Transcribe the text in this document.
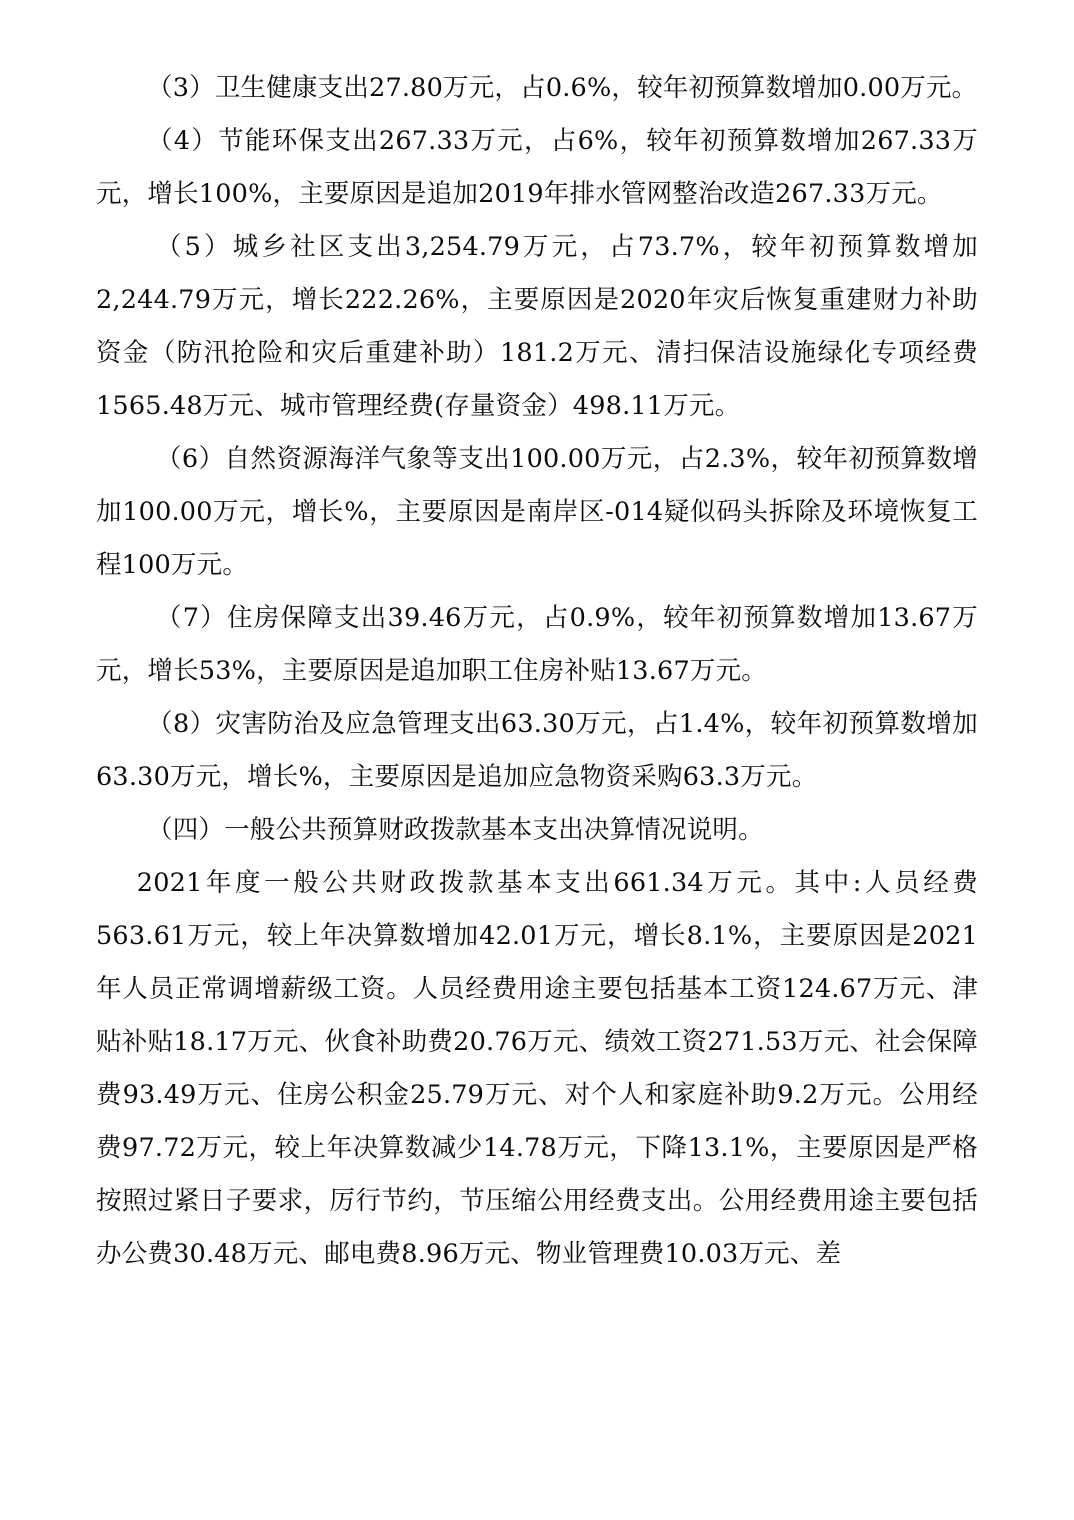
（3）卫生健康支出27.80万元，占0.6%，较年初预算数增加0.00万元。

（4）节能环保支出267.33万元，占6%，较年初预算数增加267.33万元，增长100%，主要原因是追加2019年排水管网整治改造267.33万元。

（5）城乡社区支出3,254.79万元，占73.7%，较年初预算数增加2,244.79万元，增长222.26%，主要原因是2020年灾后恢复重建财力补助资金（防汛抢险和灾后重建补助）181.2万元、清扫保洁设施绿化专项经费1565.48万元、城市管理经费(存量资金）498.11万元。

（6）自然资源海洋气象等支出100.00万元，占2.3%，较年初预算数增加100.00万元，增长%，主要原因是南岸区-014疑似码头拆除及环境恢复工程100万元。

（7）住房保障支出39.46万元，占0.9%，较年初预算数增加13.67万元，增长53%，主要原因是追加职工住房补贴13.67万元。

（8）灾害防治及应急管理支出63.30万元，占1.4%，较年初预算数增加63.30万元，增长%，主要原因是追加应急物资采购63.3万元。

（四）一般公共预算财政拨款基本支出决算情况说明。

2021年度一般公共财政拨款基本支出661.34万元。其中:人员经费563.61万元，较上年决算数增加42.01万元，增长8.1%，主要原因是2021年人员正常调增薪级工资。人员经费用途主要包括基本工资124.67万元、津贴补贴18.17万元、伙食补助费20.76万元、绩效工资271.53万元、社会保障费93.49万元、住房公积金25.79万元、对个人和家庭补助9.2万元。公用经费97.72万元，较上年决算数减少14.78万元，下降13.1%，主要原因是严格按照过紧日子要求，厉行节约，节压缩公用经费支出。公用经费用途主要包括办公费30.48万元、邮电费8.96万元、物业管理费10.03万元、差
